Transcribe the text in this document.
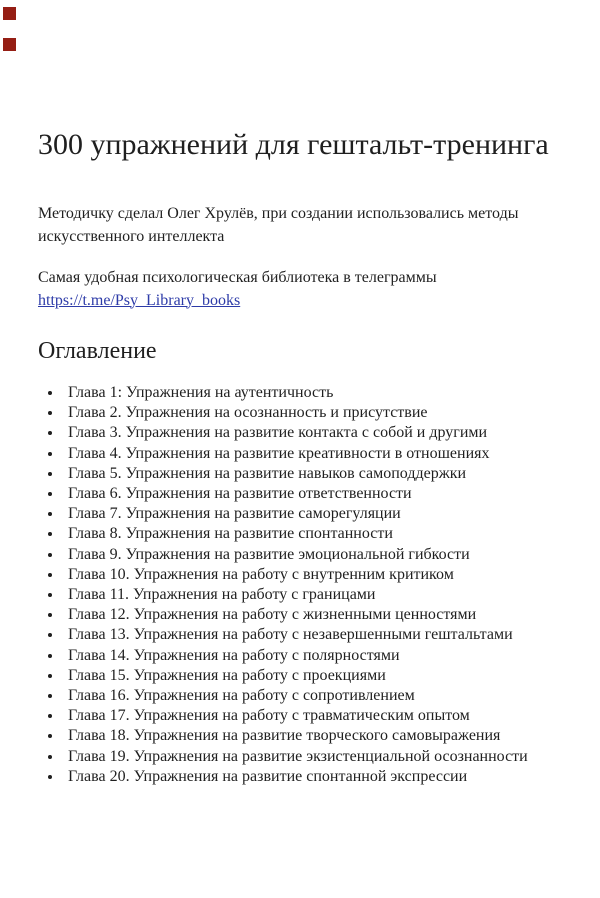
300 упражнений для гештальт-тренинга

Методичку сделал Олег Хрулёв, при создании использовались методы искусственного интеллекта

Самая удобная психологическая библиотека в телеграммы
https://t.me/Psy_Library_books

Оглавление
Глава 1: Упражнения на аутентичность
Глава 2. Упражнения на осознанность и присутствие
Глава 3. Упражнения на развитие контакта с собой и другими
Глава 4. Упражнения на развитие креативности в отношениях
Глава 5. Упражнения на развитие навыков самоподдержки
Глава 6. Упражнения на развитие ответственности
Глава 7. Упражнения на развитие саморегуляции
Глава 8. Упражнения на развитие спонтанности
Глава 9. Упражнения на развитие эмоциональной гибкости
Глава 10. Упражнения на работу с внутренним критиком
Глава 11. Упражнения на работу с границами
Глава 12. Упражнения на работу с жизненными ценностями
Глава 13. Упражнения на работу с незавершенными гештальтами
Глава 14. Упражнения на работу с полярностями
Глава 15. Упражнения на работу с проекциями
Глава 16. Упражнения на работу с сопротивлением
Глава 17. Упражнения на работу с травматическим опытом
Глава 18. Упражнения на развитие творческого самовыражения
Глава 19. Упражнения на развитие экзистенциальной осознанности
Глава 20. Упражнения на развитие спонтанной экспрессии
